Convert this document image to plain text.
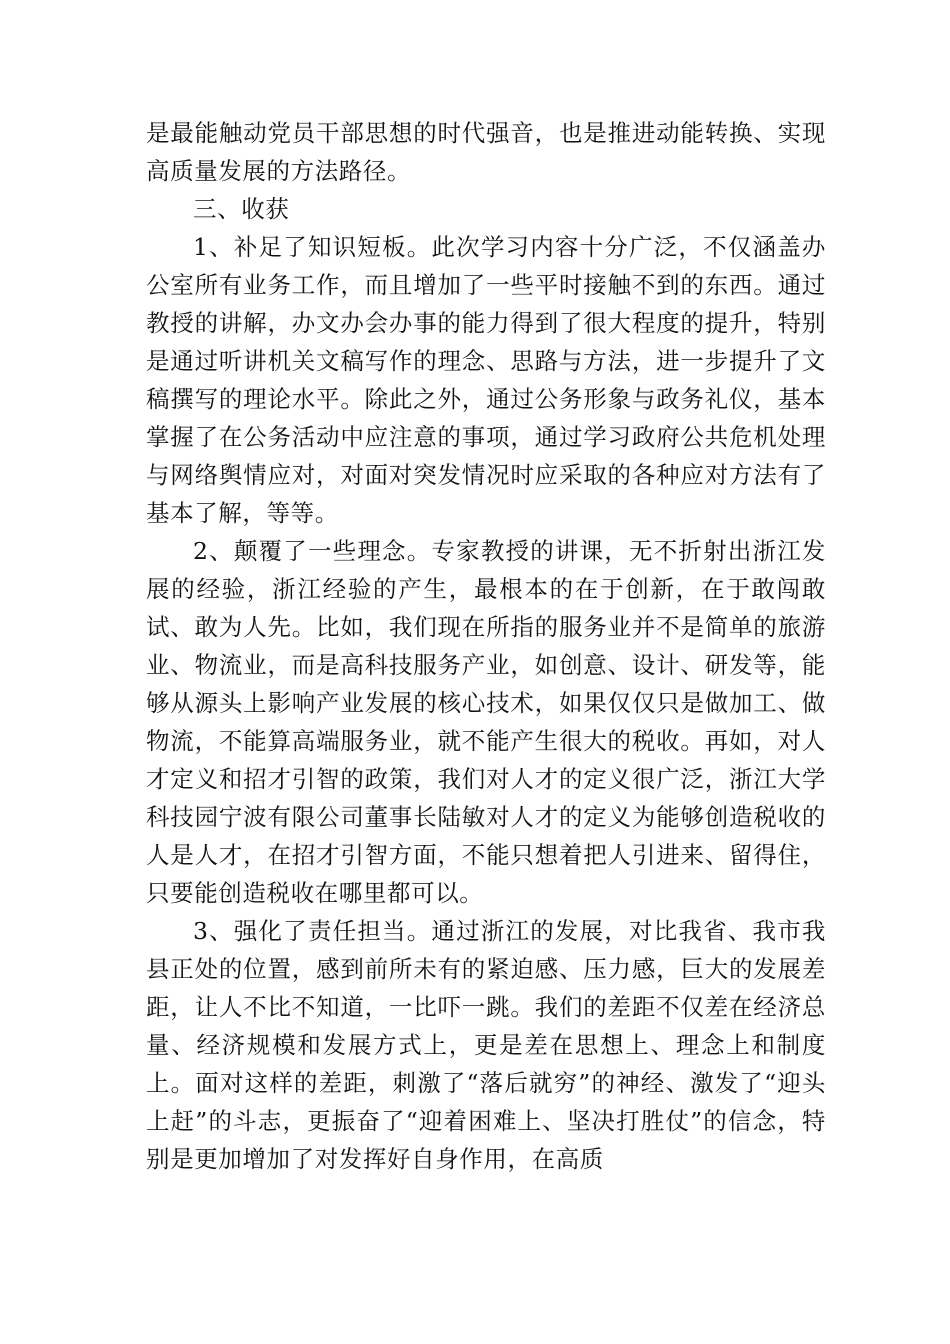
是最能触动党员干部思想的时代强音，也是推进动能转换、实现高质量发展的方法路径。

三、收获

1、补足了知识短板。此次学习内容十分广泛，不仅涵盖办公室所有业务工作，而且增加了一些平时接触不到的东西。通过教授的讲解，办文办会办事的能力得到了很大程度的提升，特别是通过听讲机关文稿写作的理念、思路与方法，进一步提升了文稿撰写的理论水平。除此之外，通过公务形象与政务礼仪，基本掌握了在公务活动中应注意的事项，通过学习政府公共危机处理与网络舆情应对，对面对突发情况时应采取的各种应对方法有了基本了解，等等。

2、颠覆了一些理念。专家教授的讲课，无不折射出浙江发展的经验，浙江经验的产生，最根本的在于创新，在于敢闯敢试、敢为人先。比如，我们现在所指的服务业并不是简单的旅游业、物流业，而是高科技服务产业，如创意、设计、研发等，能够从源头上影响产业发展的核心技术，如果仅仅只是做加工、做物流，不能算高端服务业，就不能产生很大的税收。再如，对人才定义和招才引智的政策，我们对人才的定义很广泛，浙江大学科技园宁波有限公司董事长陆敏对人才的定义为能够创造税收的人是人才，在招才引智方面，不能只想着把人引进来、留得住，只要能创造税收在哪里都可以。

3、强化了责任担当。通过浙江的发展，对比我省、我市我县正处的位置，感到前所未有的紧迫感、压力感，巨大的发展差距，让人不比不知道，一比吓一跳。我们的差距不仅差在经济总量、经济规模和发展方式上，更是差在思想上、理念上和制度上。面对这样的差距，刺激了“落后就穷”的神经、激发了“迎头上赶”的斗志，更振奋了“迎着困难上、坚决打胜仗”的信念，特别是更加增加了对发挥好自身作用，在高质
